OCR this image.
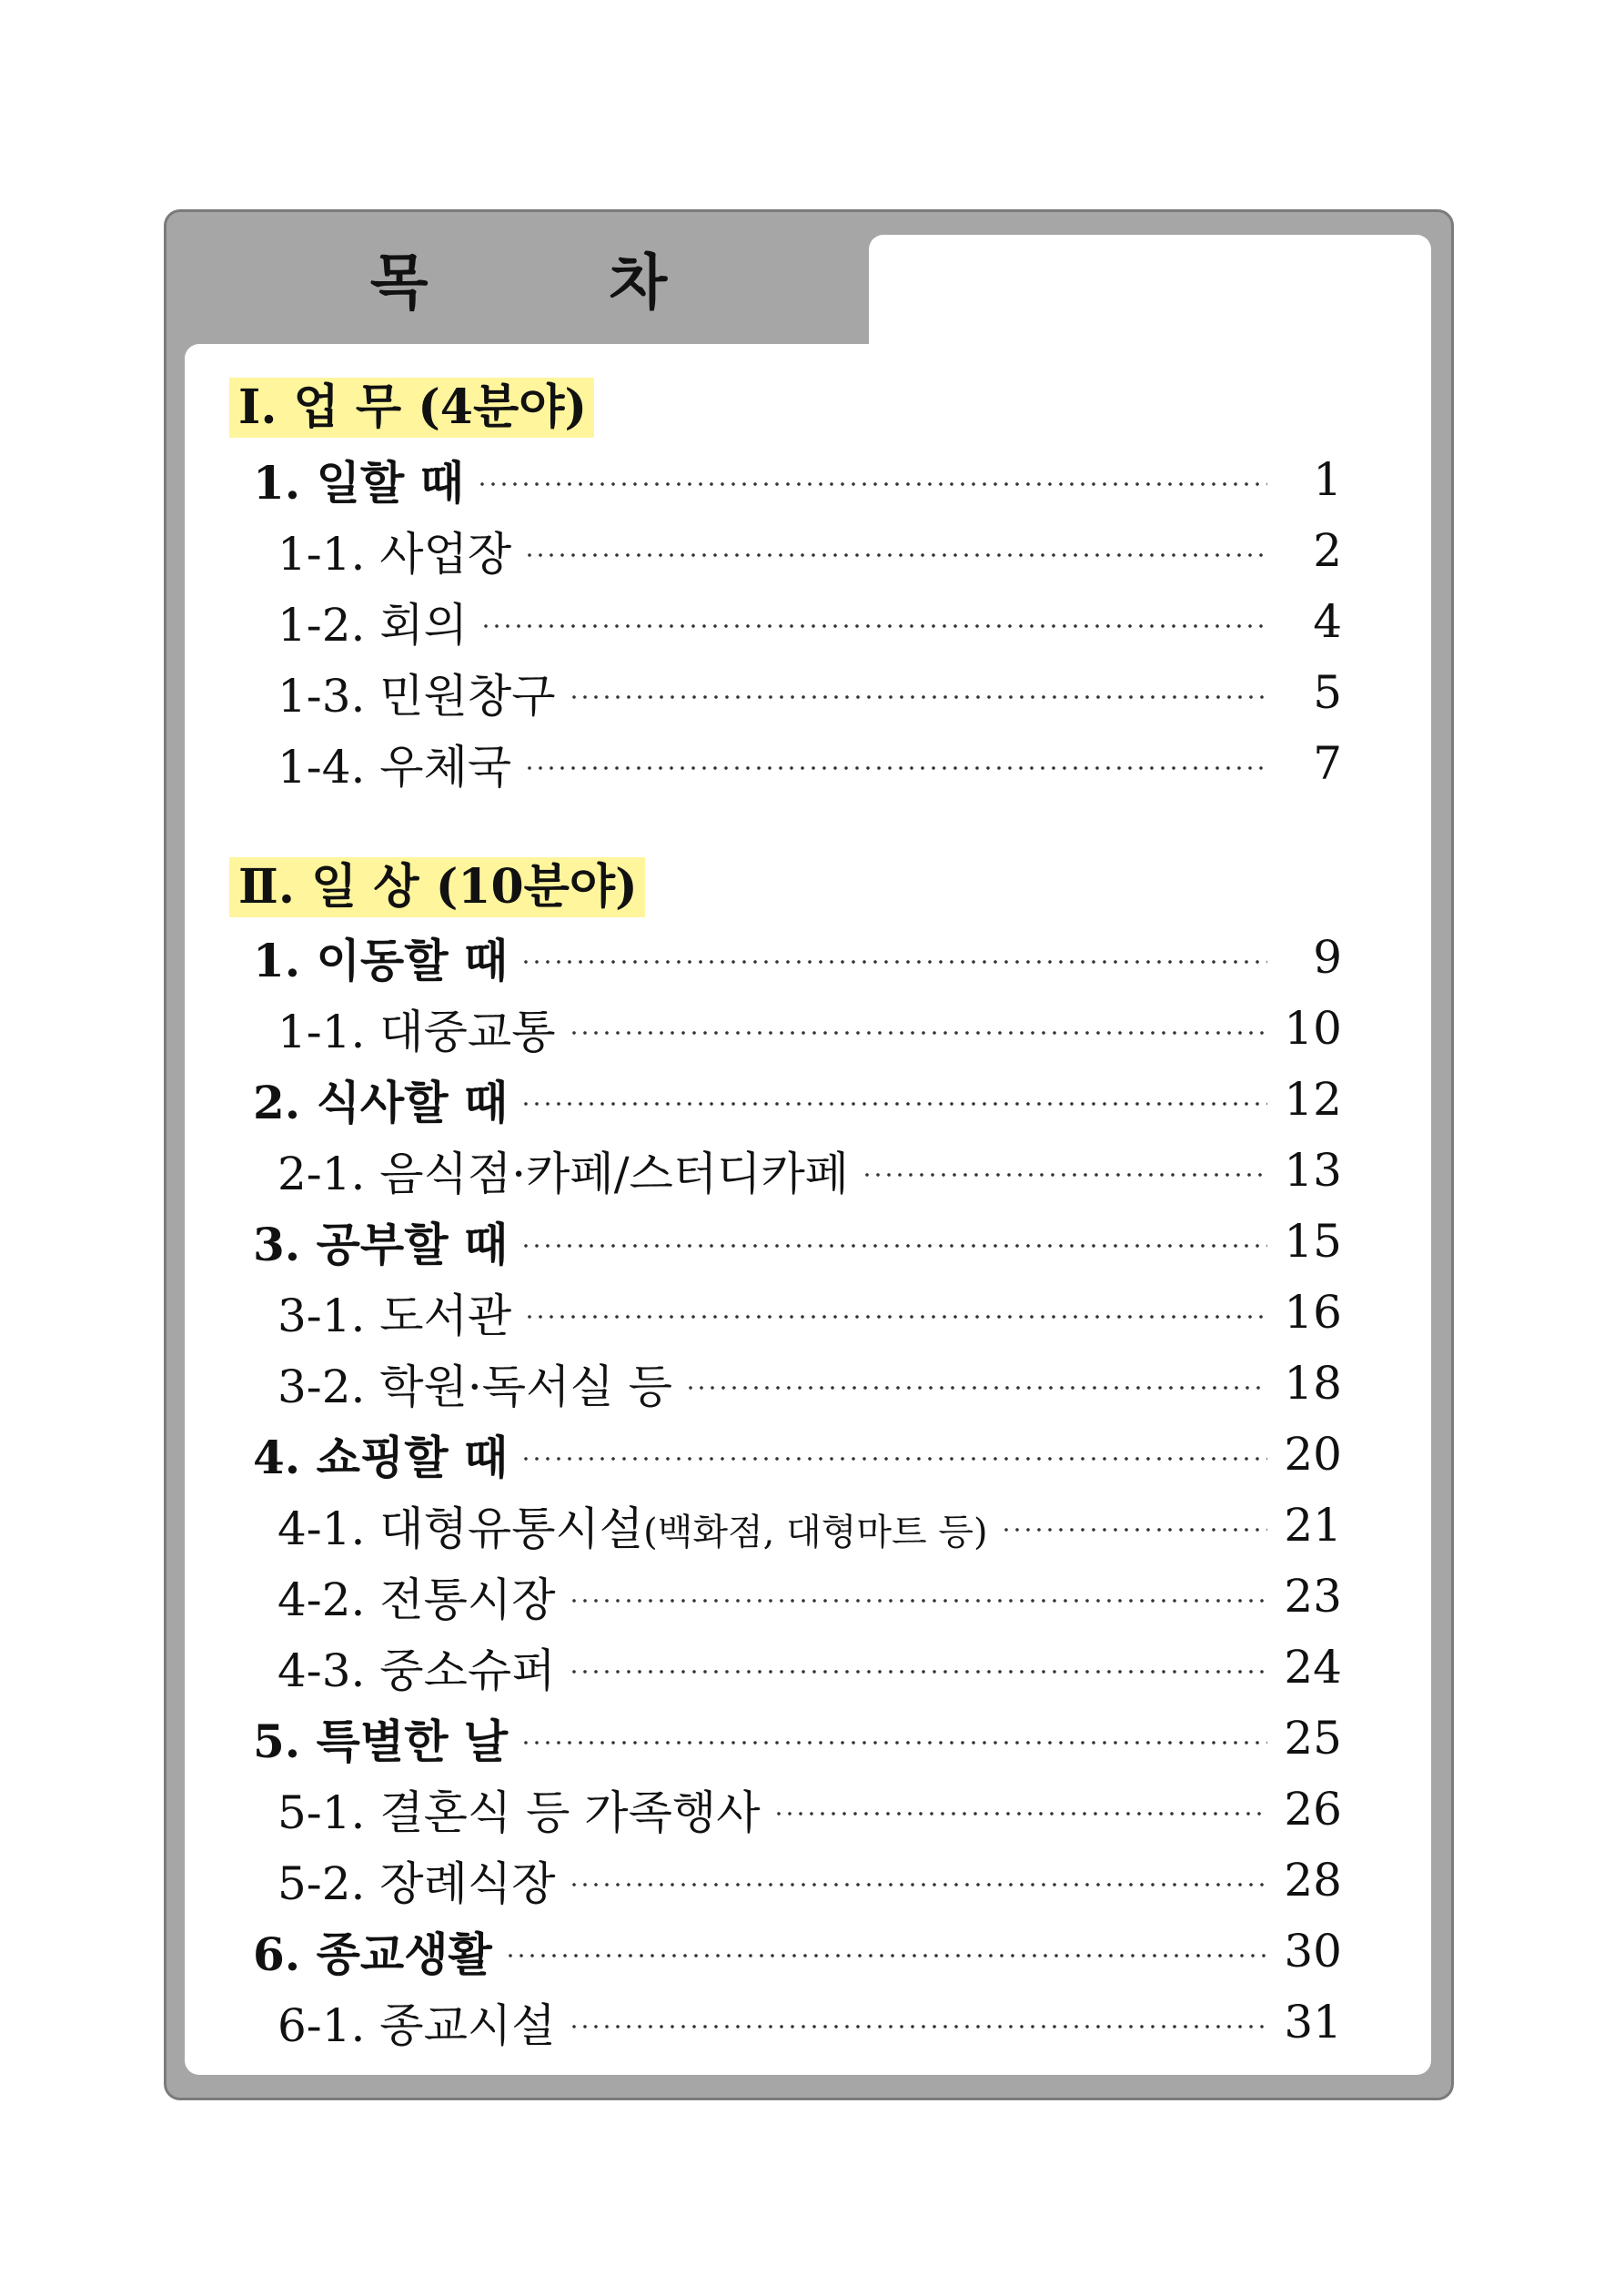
목 차
Ⅰ. 업 무 (4분야)
1. 일할 때	1
1-1. 사업장	2
1-2. 회의	4
1-3. 민원창구	5
1-4. 우체국	7
Ⅱ. 일 상 (10분야)
1. 이동할 때	9
1-1. 대중교통	10
2. 식사할 때	12
2-1. 음식점·카페/스터디카페	13
3. 공부할 때	15
3-1. 도서관	16
3-2. 학원·독서실 등	18
4. 쇼핑할 때	20
4-1. 대형유통시설(백화점, 대형마트 등)	21
4-2. 전통시장	23
4-3. 중소슈퍼	24
5. 특별한 날	25
5-1. 결혼식 등 가족행사	26
5-2. 장례식장	28
6. 종교생활	30
6-1. 종교시설	31
